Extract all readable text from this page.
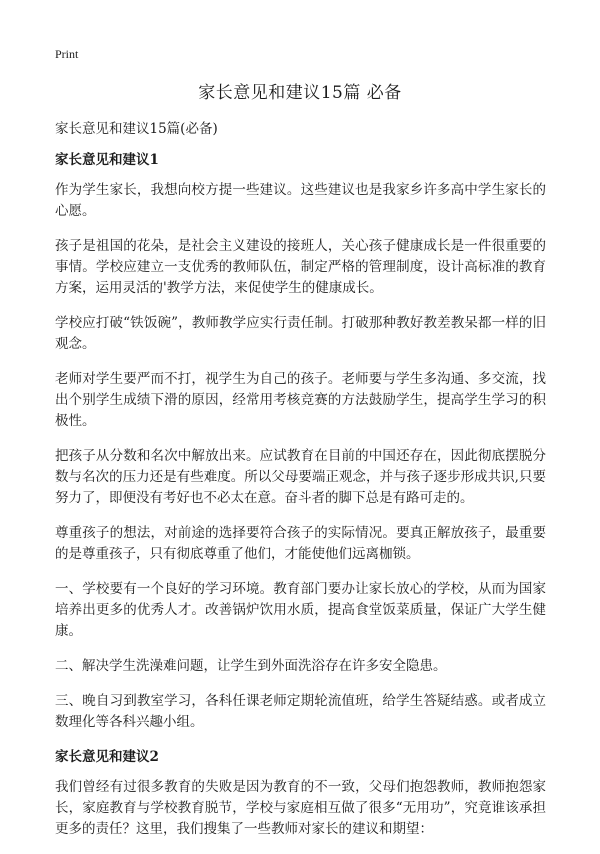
Print
家长意见和建议15篇 必备

家长意见和建议15篇(必备)

家长意见和建议1

作为学生家长，我想向校方提一些建议。这些建议也是我家乡许多高中学生家长的心愿。

孩子是祖国的花朵，是社会主义建设的接班人，关心孩子健康成长是一件很重要的事情。学校应建立一支优秀的教师队伍，制定严格的管理制度，设计高标准的教育方案，运用灵活的'教学方法，来促使学生的健康成长。

学校应打破“铁饭碗”，教师教学应实行责任制。打破那种教好教差教呆都一样的旧观念。

老师对学生要严而不打，视学生为自己的孩子。老师要与学生多沟通、多交流，找出个别学生成绩下滑的原因，经常用考核竞赛的方法鼓励学生，提高学生学习的积极性。

把孩子从分数和名次中解放出来。应试教育在目前的中国还存在，因此彻底摆脱分数与名次的压力还是有些难度。所以父母要端正观念，并与孩子逐步形成共识,只要努力了，即便没有考好也不必太在意。奋斗者的脚下总是有路可走的。

尊重孩子的想法，对前途的选择要符合孩子的实际情况。要真正解放孩子，最重要的是尊重孩子，只有彻底尊重了他们，才能使他们远离枷锁。

一、学校要有一个良好的学习环境。教育部门要办让家长放心的学校，从而为国家培养出更多的优秀人才。改善锅炉饮用水质，提高食堂饭菜质量，保证广大学生健康。

二、解决学生洗澡难问题，让学生到外面洗浴存在许多安全隐患。

三、晚自习到教室学习，各科任课老师定期轮流值班，给学生答疑结惑。或者成立数理化等各科兴趣小组。

家长意见和建议2

我们曾经有过很多教育的失败是因为教育的不一致，父母们抱怨教师，教师抱怨家长，家庭教育与学校教育脱节，学校与家庭相互做了很多“无用功”，究竟谁该承担更多的责任？这里，我们搜集了一些教师对家长的建议和期望：
